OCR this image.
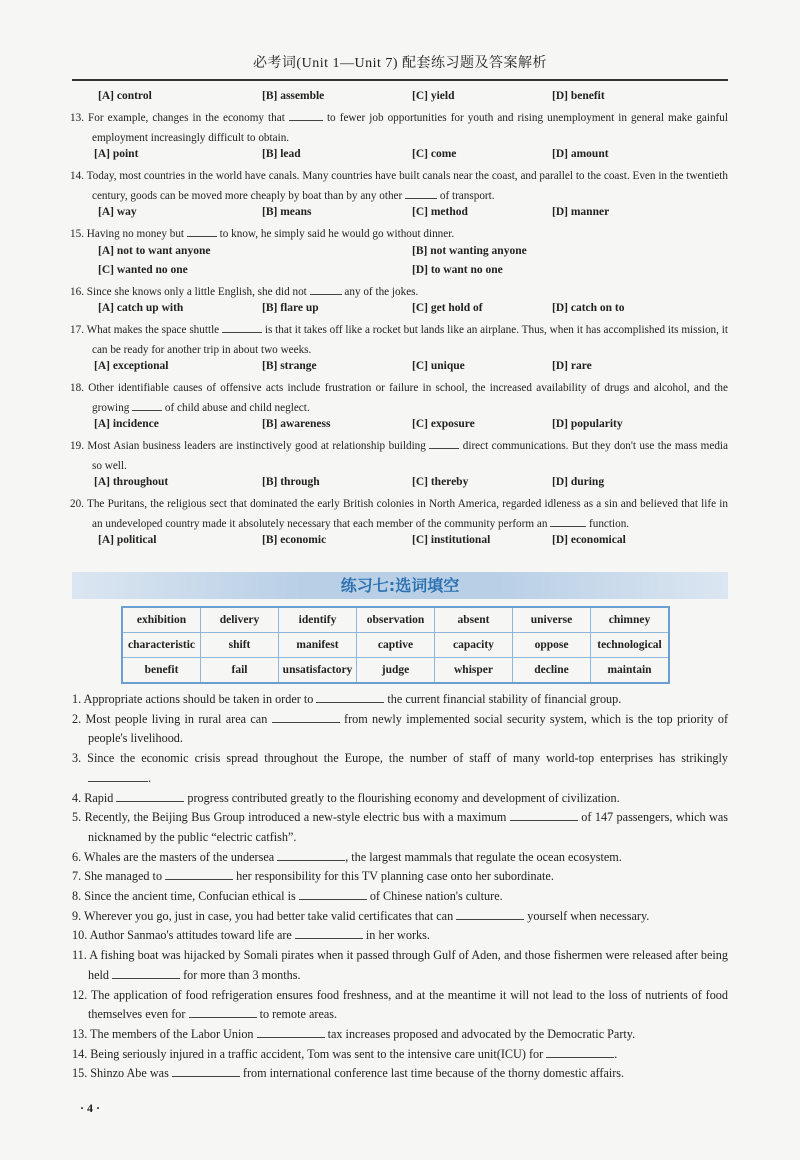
必考词(Unit 1—Unit 7) 配套练习题及答案解析
[A] control	[B] assemble	[C] yield	[D] benefit
13. For example, changes in the economy that	to fewer job opportunities for youth and rising unemployment in general make gainful employment increasingly difficult to obtain.
[A] point	[B] lead	[C] come	[D] amount
14. Today, most countries in the world have canals. Many countries have built canals near the coast, and parallel to the coast. Even in the twentieth century, goods can be moved more cheaply by boat than by any other	of transport.
[A] way	[B] means	[C] method	[D] manner
15. Having no money but	to know, he simply said he would go without dinner.
[A] not to want anyone	[B] not wanting anyone
[C] wanted no one	[D] to want no one
16. Since she knows only a little English, she did not	any of the jokes.
[A] catch up with	[B] flare up	[C] get hold of	[D] catch on to
17. What makes the space shuttle	is that it takes off like a rocket but lands like an airplane. Thus, when it has accomplished its mission, it can be ready for another trip in about two weeks.
[A] exceptional	[B] strange	[C] unique	[D] rare
18. Other identifiable causes of offensive acts include frustration or failure in school, the increased availability of drugs and alcohol, and the growing	of child abuse and child neglect.
[A] incidence	[B] awareness	[C] exposure	[D] popularity
19. Most Asian business leaders are instinctively good at relationship building	direct communications. But they don't use the mass media so well.
[A] throughout	[B] through	[C] thereby	[D] during
20. The Puritans, the religious sect that dominated the early British colonies in North America, regarded idleness as a sin and believed that life in an undeveloped country made it absolutely necessary that each member of the community perform an	function.
[A] political	[B] economic	[C] institutional	[D] economical
练习七:选词填空
exhibition	delivery	identify	observation	absent	universe	chimney
characteristic	shift	manifest	captive	capacity	oppose	technological
benefit	fail	unsatisfactory	judge	whisper	decline	maintain
1. Appropriate actions should be taken in order to	the current financial stability of financial group.
2. Most people living in rural area can	from newly implemented social security system, which is the top priority of people's livelihood.
3. Since the economic crisis spread throughout the Europe, the number of staff of many world-top enterprises has strikingly .
4. Rapid	progress contributed greatly to the flourishing economy and development of civilization.
5. Recently, the Beijing Bus Group introduced a new-style electric bus with a maximum	of 147 passengers, which was nicknamed by the public “electric catfish”.
6. Whales are the masters of the undersea	, the largest mammals that regulate the ocean ecosystem.
7. She managed to	her responsibility for this TV planning case onto her subordinate.
8. Since the ancient time, Confucian ethical is	of Chinese nation's culture.
9. Wherever you go, just in case, you had better take valid certificates that can	yourself when necessary.
10. Author Sanmao's attitudes toward life are	in her works.
11. A fishing boat was hijacked by Somali pirates when it passed through Gulf of Aden, and those fishermen were released after being held	for more than 3 months.
12. The application of food refrigeration ensures food freshness, and at the meantime it will not lead to the loss of nutrients of food themselves even for	to remote areas.
13. The members of the Labor Union	tax increases proposed and advocated by the Democratic Party.
14. Being seriously injured in a traffic accident, Tom was sent to the intensive care unit(ICU) for	.
15. Shinzo Abe was	from international conference last time because of the thorny domestic affairs.
· 4 ·
